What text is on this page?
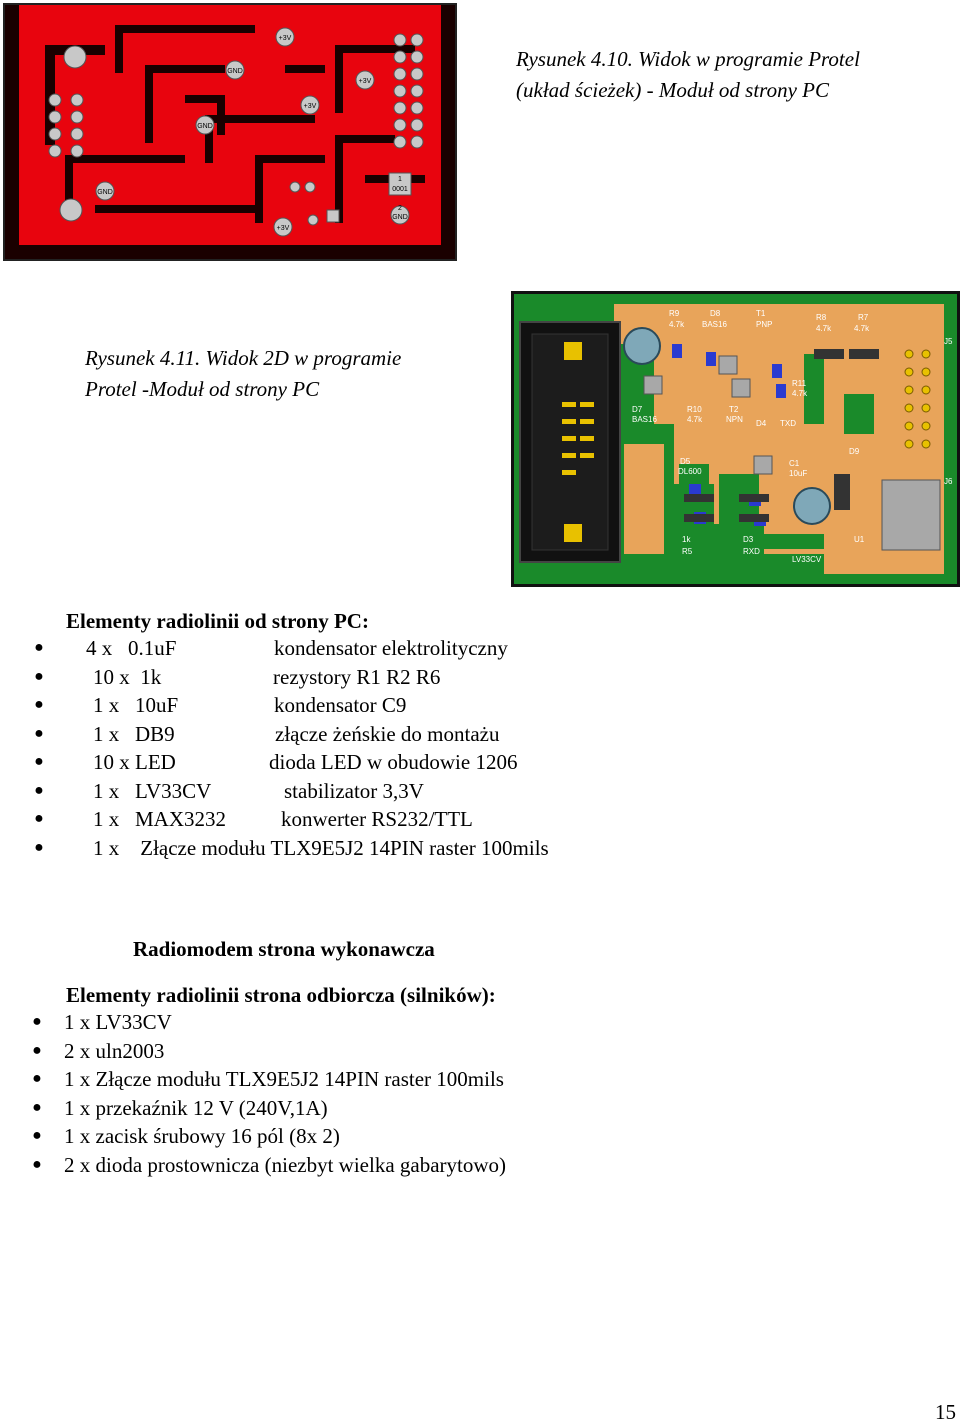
+3V
GND
+3V
+3V
GND
GND
1
0001
2
GND
+3V
Rysunek 4.10. Widok w programie Protel
(układ ścieżek) - Moduł od strony PC
Rysunek 4.11. Widok 2D w programie
Protel -Moduł od strony PC
R9
4.7k
D8
BAS16
T1
PNP
R8
4.7k
R7
4.7k
D7
BAS16
R10
4.7k
T2
NPN
R11
4.7k
D4 TXD
D5
DL600
C1
10uF
D9
1k
R5
D3
RXD
U1
LV33CV
J5
J6
Elementy radiolinii od strony PC:
● 4 x   0.1uF	kondensator elektrolityczny
● 10 x  1k	rezystory R1 R2 R6
● 1 x   10uF	kondensator C9
● 1 x   DB9	złącze żeńskie do montażu
● 10 x LED	dioda LED w obudowie 1206
● 1 x   LV33CV	stabilizator 3,3V
● 1 x   MAX3232	konwerter RS232/TTL
● 1 x    Złącze modułu TLX9E5J2 14PIN raster 100mils
Radiomodem strona wykonawcza
Elementy radiolinii strona odbiorcza (silników):
● 1 x LV33CV
● 2 x uln2003
● 1 x Złącze modułu TLX9E5J2 14PIN raster 100mils
● 1 x przekaźnik 12 V (240V,1A)
● 1 x zacisk śrubowy 16 pól (8x 2)
● 2 x dioda prostownicza (niezbyt wielka gabarytowo)
15
